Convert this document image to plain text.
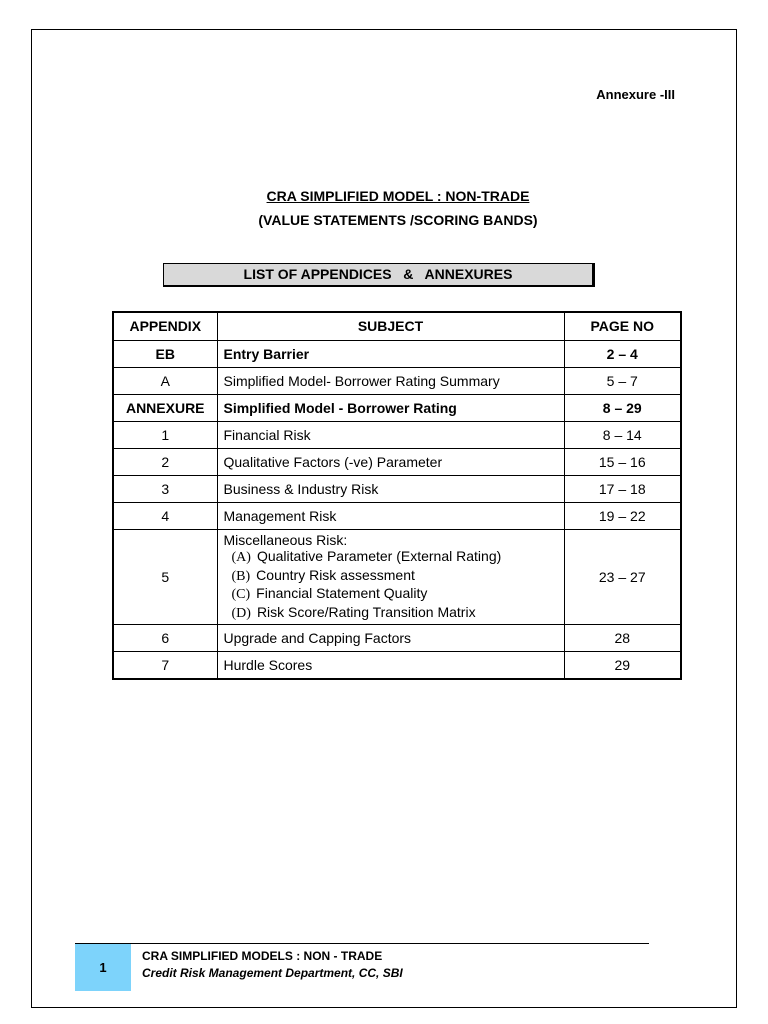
Annexure -III
CRA SIMPLIFIED MODEL : NON-TRADE
(VALUE STATEMENTS /SCORING BANDS)
LIST OF APPENDICES   &   ANNEXURES
APPENDIX	SUBJECT	PAGE NO
EB	Entry Barrier	2 – 4
A	Simplified Model- Borrower Rating Summary	5 – 7
ANNEXURE	Simplified Model - Borrower Rating	8 – 29
1	Financial Risk	8 – 14
2	Qualitative Factors (-ve) Parameter	15 – 16
3	Business & Industry Risk	17 – 18
4	Management Risk	19 – 22
5	Miscellaneous Risk:
(A) Qualitative Parameter (External Rating)
(B) Country Risk assessment
(C) Financial Statement Quality
(D) Risk Score/Rating Transition Matrix	23 – 27
6	Upgrade and Capping Factors	28
7	Hurdle Scores	29
1
CRA SIMPLIFIED MODELS : NON - TRADE
Credit Risk Management Department, CC, SBI
